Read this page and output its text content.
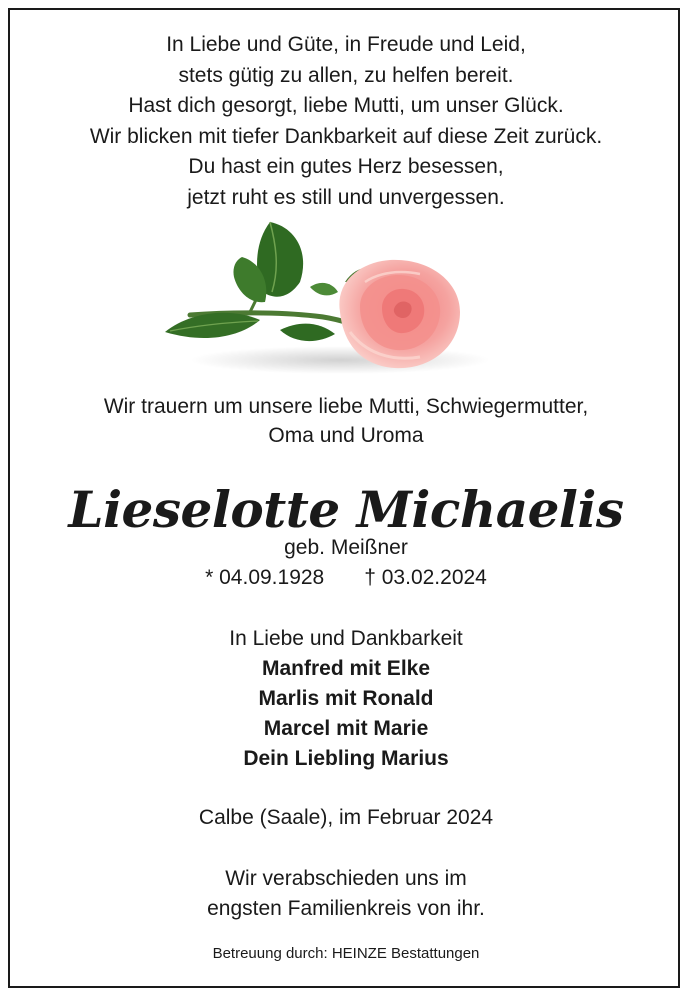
In Liebe und Güte, in Freude und Leid,
stets gütig zu allen, zu helfen bereit.
Hast dich gesorgt, liebe Mutti, um unser Glück.
Wir blicken mit tiefer Dankbarkeit auf diese Zeit zurück.
Du hast ein gutes Herz besessen,
jetzt ruht es still und unvergessen.
Wir trauern um unsere liebe Mutti, Schwiegermutter,
Oma und Uroma
Lieselotte Michaelis
geb. Meißner
* 04.09.1928 † 03.02.2024
In Liebe und Dankbarkeit
Manfred mit Elke
Marlis mit Ronald
Marcel mit Marie
Dein Liebling Marius
Calbe (Saale), im Februar 2024
Wir verabschieden uns im
engsten Familienkreis von ihr.
Betreuung durch: HEINZE Bestattungen
